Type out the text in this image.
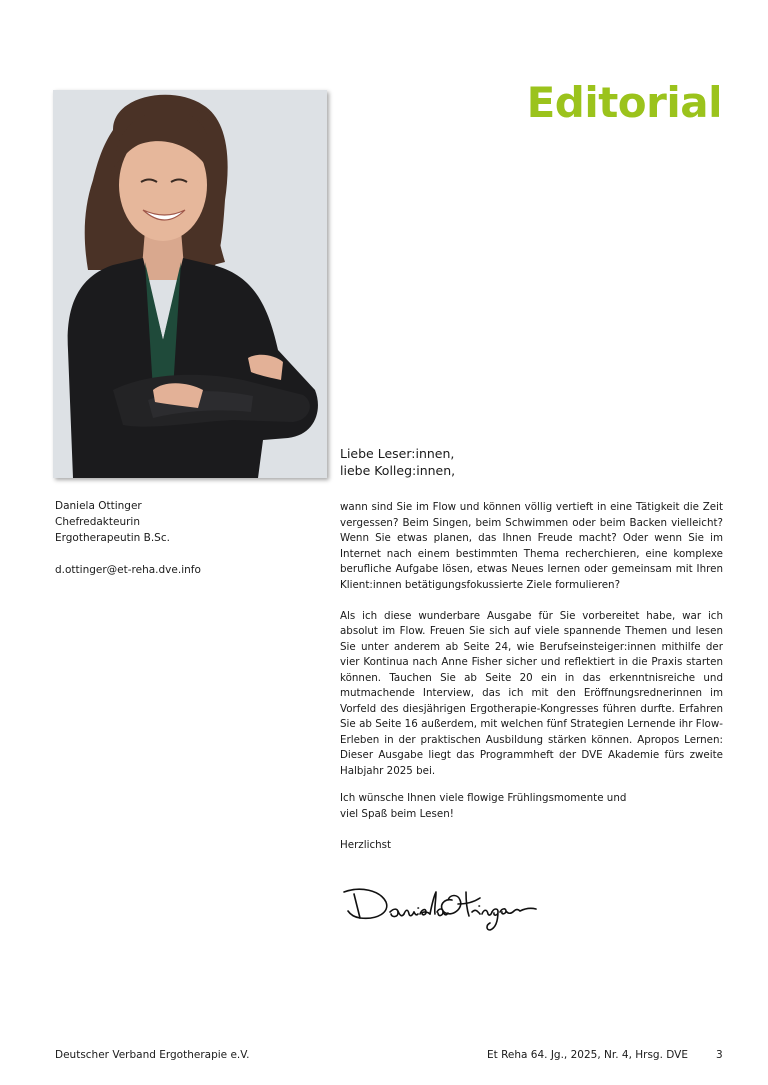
Editorial
Daniela Ottinger
Chefredakteurin
Ergotherapeutin B.Sc.
d.ottinger@et-reha.dve.info
Liebe Leser:innen,
liebe Kolleg:innen,

wann sind Sie im Flow und können völlig vertieft in eine Tätigkeit die Zeit vergessen? Beim Singen, beim Schwimmen oder beim Backen vielleicht? Wenn Sie etwas planen, das Ihnen Freude macht? Oder wenn Sie im Internet nach einem bestimmten Thema recherchieren, eine komplexe berufliche Aufgabe lösen, etwas Neues lernen oder gemeinsam mit Ihren Klient:innen betätigungsfokussierte Ziele formulieren?

Als ich diese wunderbare Ausgabe für Sie vorbereitet habe, war ich absolut im Flow. Freuen Sie sich auf viele spannende Themen und lesen Sie unter anderem ab Seite 24, wie Berufseinsteiger:innen mithilfe der vier Kontinua nach Anne Fisher sicher und reflektiert in die Praxis starten können. Tauchen Sie ab Seite 20 ein in das erkenntnisreiche und mutmachende Interview, das ich mit den Eröffnungsrednerinnen im Vorfeld des diesjährigen Ergotherapie-Kongresses führen durfte. Erfahren Sie ab Seite 16 außerdem, mit welchen fünf Strategien Lernende ihr Flow-Erleben in der praktischen Ausbildung stärken können. Apropos Lernen: Dieser Ausgabe liegt das Programmheft der DVE Akademie fürs zweite Halbjahr 2025 bei.

Ich wünsche Ihnen viele flowige Frühlingsmomente und
viel Spaß beim Lesen!
Herzlichst
Deutscher Verband Ergotherapie e.V.	Et Reha 64. Jg., 2025, Nr. 4, Hrsg. DVE	3
